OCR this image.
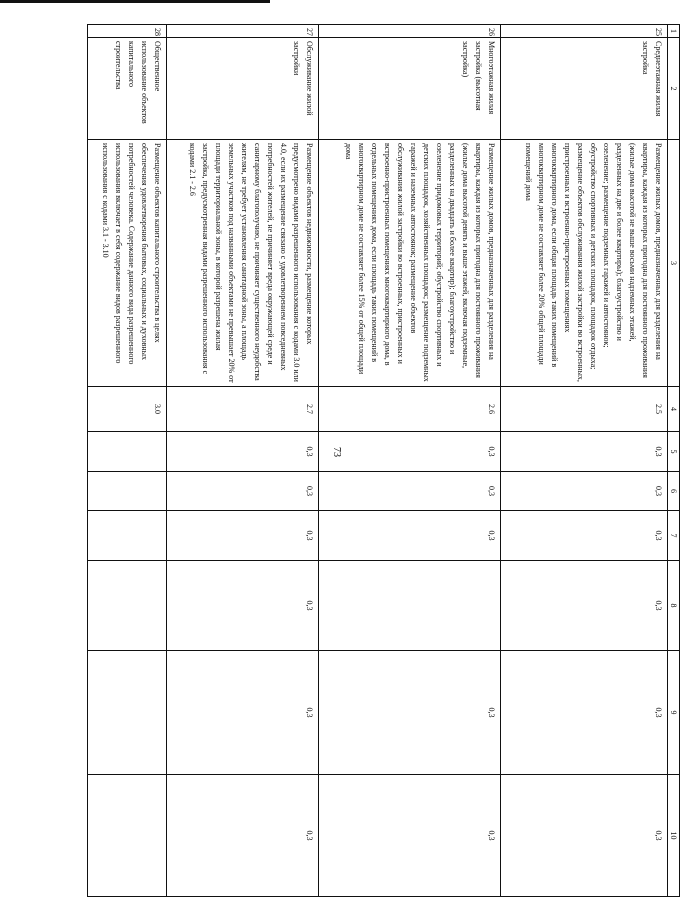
73
1	2	3	4	5	6	7	8	9	10
25	Среднеэтажная жилая застройка	Размещение жилых домов, предназначенных для разделения на квартиры, каждая из которых пригодна для постоянного проживания (жилые дома высотой не выше восьми надземных этажей, разделенных на две и более квартиры); благоустройство и озеленение; размещение подземных гаражей и автостоянок; обустройство спортивных и детских площадок, площадок отдыха; размещение объектов обслуживания жилой застройки во встроенных, пристроенных и встроенно-пристроенных помещениях многоквартирного дома, если общая площадь таких помещений в многоквартирном доме не составляет более 20% общей площади помещений дома	2.5	0,3	0,3	0,3	0,3	0,3	0,3
26	Многоэтажная жилая застройка (высотная застройка)	Размещение жилых домов, предназначенных для разделения на квартиры, каждая из которых пригодна для постоянного проживания (жилые дома высотой девять и выше этажей, включая подземные, разделенных на двадцать и более квартир); благоустройство и озеленение придомовых территорий; обустройство спортивных и детских площадок, хозяйственных площадок; размещение подземных гаражей и наземных автостоянок; размещение объектов обслуживания жилой застройки во встроенных, пристроенных и встроенно-пристроенных помещениях многоквартирного дома, в отдельных помещениях дома, если площадь таких помещений в многоквартирном доме не составляет более 15% от общей площади дома	2.6	0,3	0,3	0,3		0,3	0,3
27	Обслуживание жилой застройки	Размещение объектов недвижимости, размещение которых предусмотрено видами разрешенного использования с кодами 3.0 или 4.0, если их размещение связано с удовлетворением повседневных потребностей жителей, не причиняет вреда окружающей среде и санитарному благополучию, не причиняет существенного неудобства жителям, не требует установления санитарной зоны, а площадь земельных участков под названными объектами не превышает 20% от площади территориальной зоны, в которой разрешена жилая застройка, предусмотренная видами разрешенного использования с кодами 2.1 - 2.6	2.7	0,3	0,3	0,3	0,3	0,3	0,3
28	Общественное использование объектов капитального строительства	Размещение объектов капитального строительства в целях обеспечения удовлетворения бытовых, социальных и духовных потребностей человека. Содержание данного вида разрешенного использования включает в себя содержание видов разрешенного использования с кодами 3.1 - 3.10	3.0						
